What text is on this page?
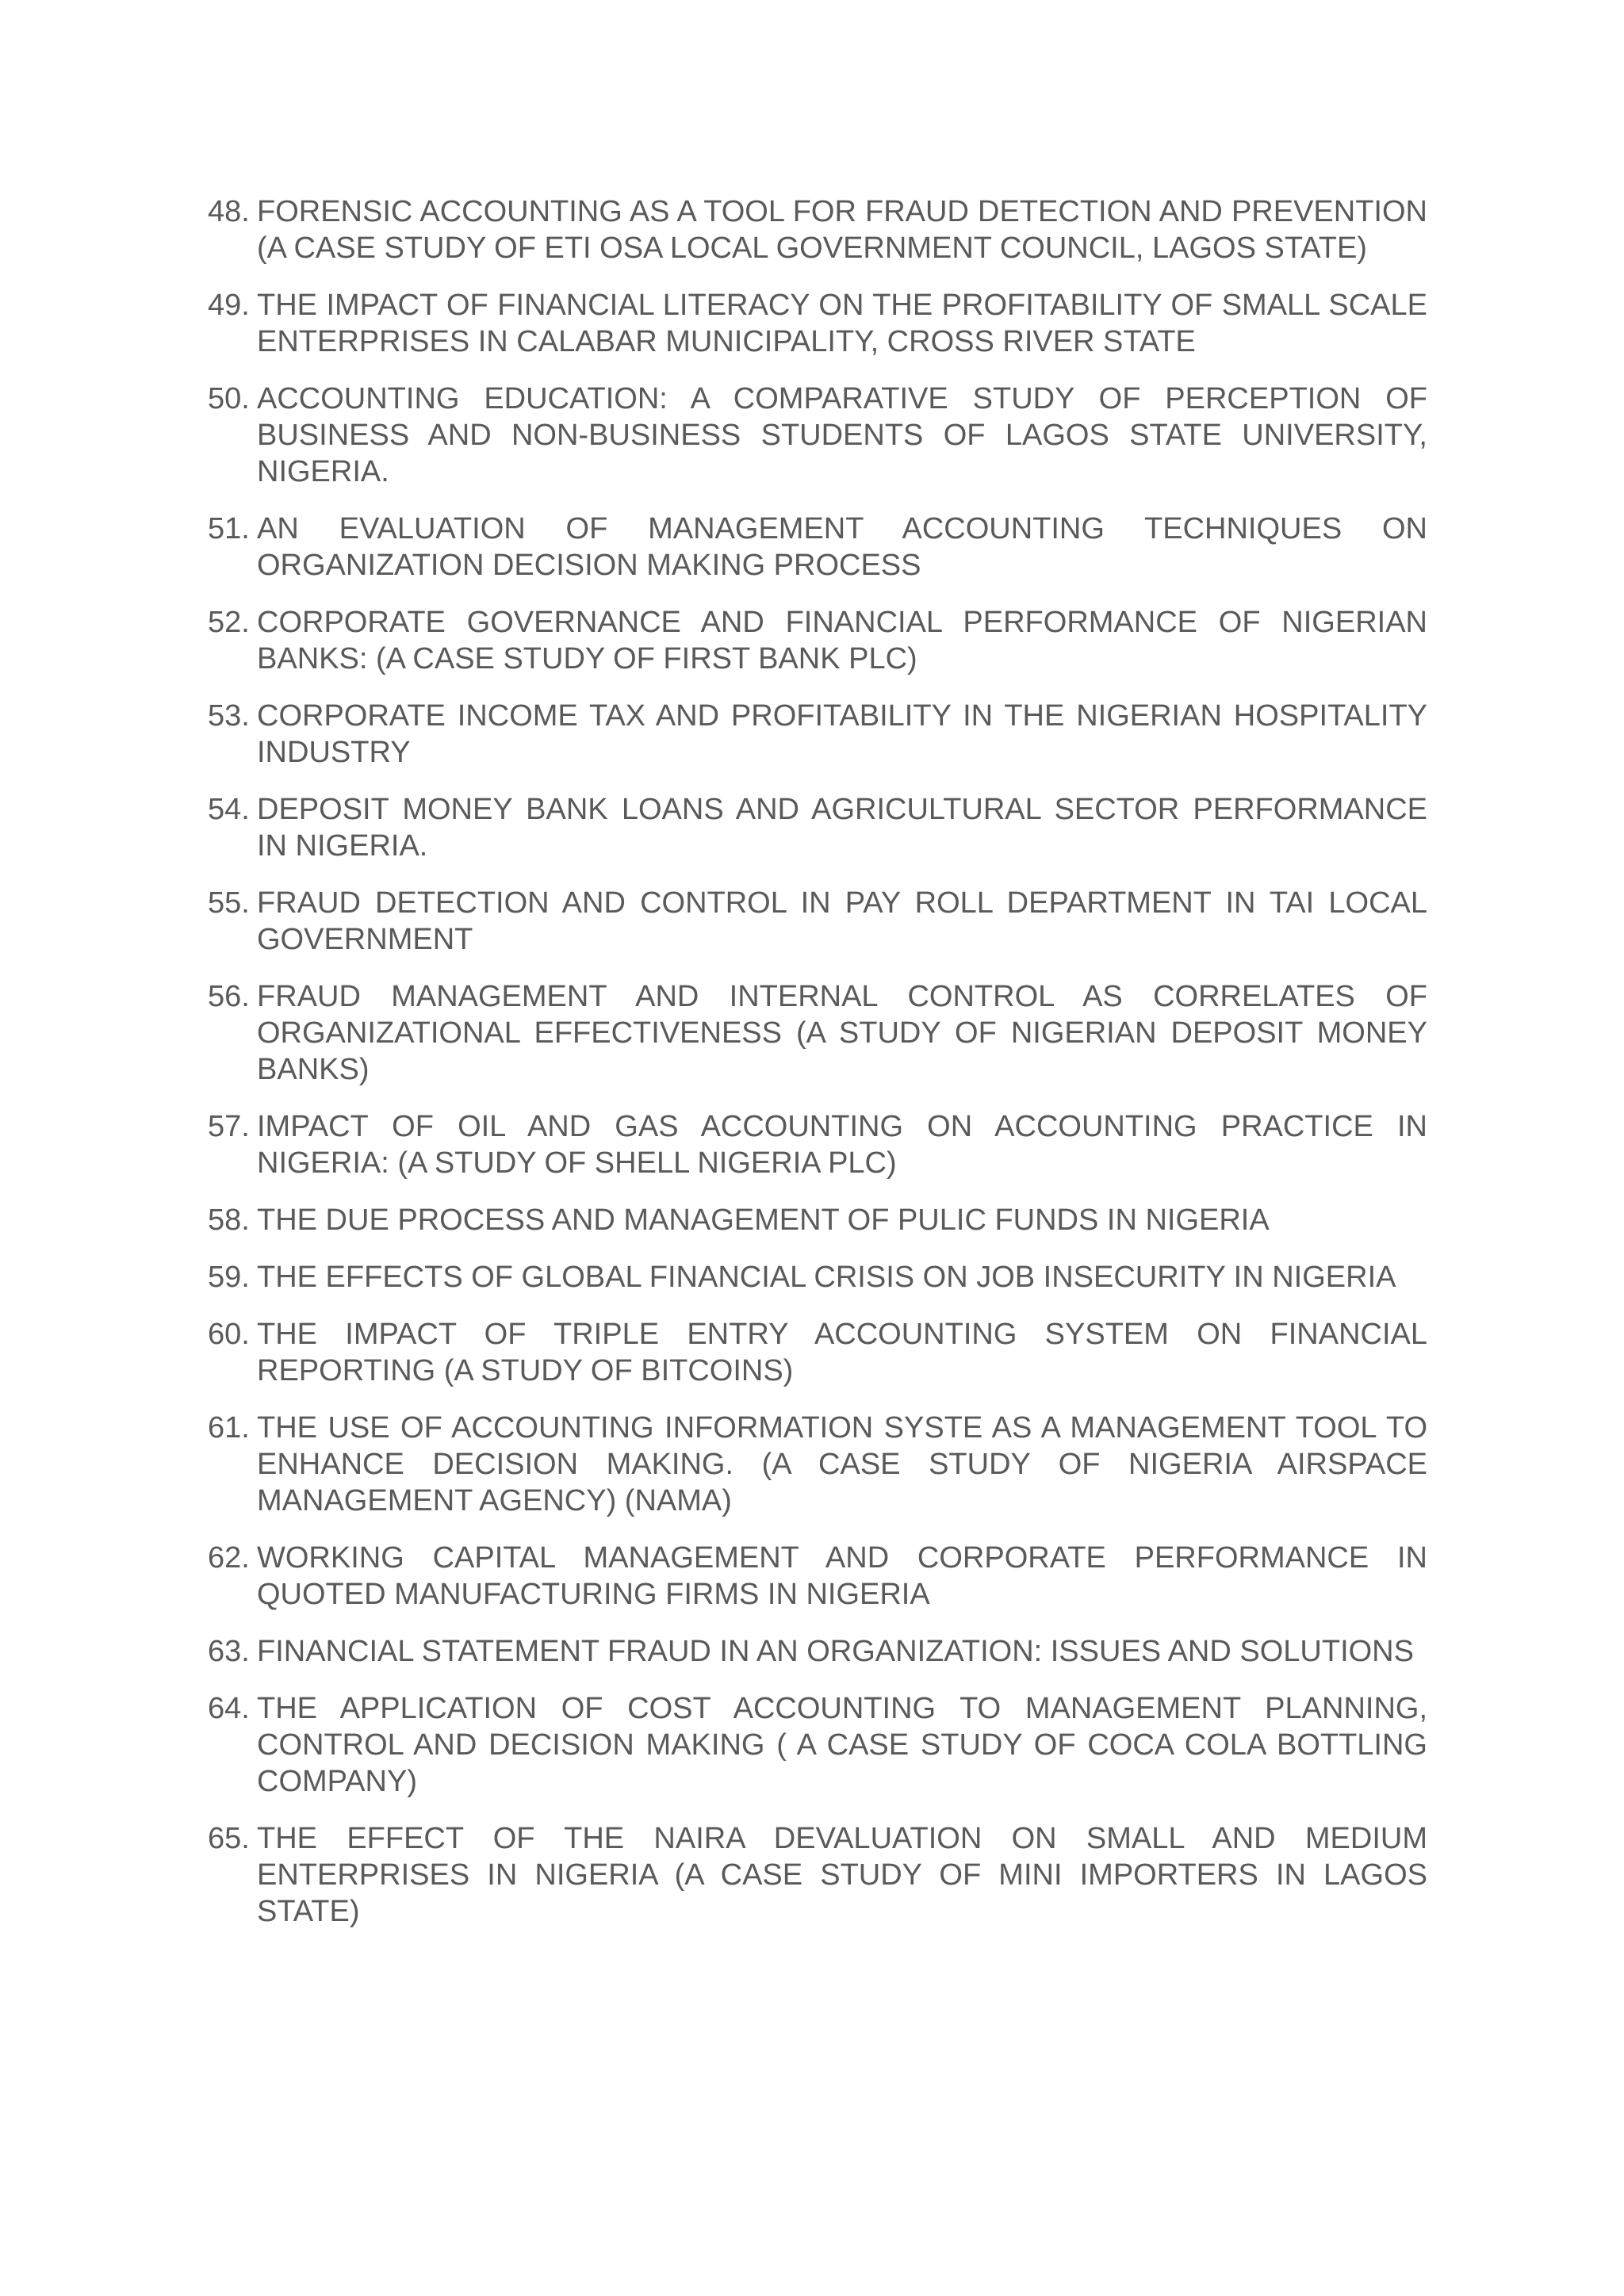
48. FORENSIC ACCOUNTING AS A TOOL FOR FRAUD DETECTION AND PREVENTION (A CASE STUDY OF ETI OSA LOCAL GOVERNMENT COUNCIL, LAGOS STATE)
49. THE IMPACT OF FINANCIAL LITERACY ON THE PROFITABILITY OF SMALL SCALE ENTERPRISES IN CALABAR MUNICIPALITY, CROSS RIVER STATE
50. ACCOUNTING EDUCATION: A COMPARATIVE STUDY OF PERCEPTION OF BUSINESS AND NON-BUSINESS STUDENTS OF LAGOS STATE UNIVERSITY, NIGERIA.
51. AN EVALUATION OF MANAGEMENT ACCOUNTING TECHNIQUES ON ORGANIZATION DECISION MAKING PROCESS
52. CORPORATE GOVERNANCE AND FINANCIAL PERFORMANCE OF NIGERIAN BANKS: (A CASE STUDY OF FIRST BANK PLC)
53. CORPORATE INCOME TAX AND PROFITABILITY IN THE NIGERIAN HOSPITALITY INDUSTRY
54. DEPOSIT MONEY BANK LOANS AND AGRICULTURAL SECTOR PERFORMANCE IN NIGERIA.
55. FRAUD DETECTION AND CONTROL IN PAY ROLL DEPARTMENT IN TAI LOCAL GOVERNMENT
56. FRAUD MANAGEMENT AND INTERNAL CONTROL AS CORRELATES OF ORGANIZATIONAL EFFECTIVENESS (A STUDY OF NIGERIAN DEPOSIT MONEY BANKS)
57. IMPACT OF OIL AND GAS ACCOUNTING ON ACCOUNTING PRACTICE IN NIGERIA: (A STUDY OF SHELL NIGERIA PLC)
58. THE DUE PROCESS AND MANAGEMENT OF PULIC FUNDS IN NIGERIA
59. THE EFFECTS OF GLOBAL FINANCIAL CRISIS ON JOB INSECURITY IN NIGERIA
60. THE IMPACT OF TRIPLE ENTRY ACCOUNTING SYSTEM ON FINANCIAL REPORTING (A STUDY OF BITCOINS)
61. THE USE OF ACCOUNTING INFORMATION SYSTE AS A MANAGEMENT TOOL TO ENHANCE DECISION MAKING. (A CASE STUDY OF NIGERIA AIRSPACE MANAGEMENT AGENCY) (NAMA)
62. WORKING CAPITAL MANAGEMENT AND CORPORATE PERFORMANCE IN QUOTED MANUFACTURING FIRMS IN NIGERIA
63. FINANCIAL STATEMENT FRAUD IN AN ORGANIZATION: ISSUES AND SOLUTIONS
64. THE APPLICATION OF COST ACCOUNTING TO MANAGEMENT PLANNING, CONTROL AND DECISION MAKING ( A CASE STUDY OF COCA COLA BOTTLING COMPANY)
65. THE EFFECT OF THE NAIRA DEVALUATION ON SMALL AND MEDIUM ENTERPRISES IN NIGERIA (A CASE STUDY OF MINI IMPORTERS IN LAGOS STATE)
